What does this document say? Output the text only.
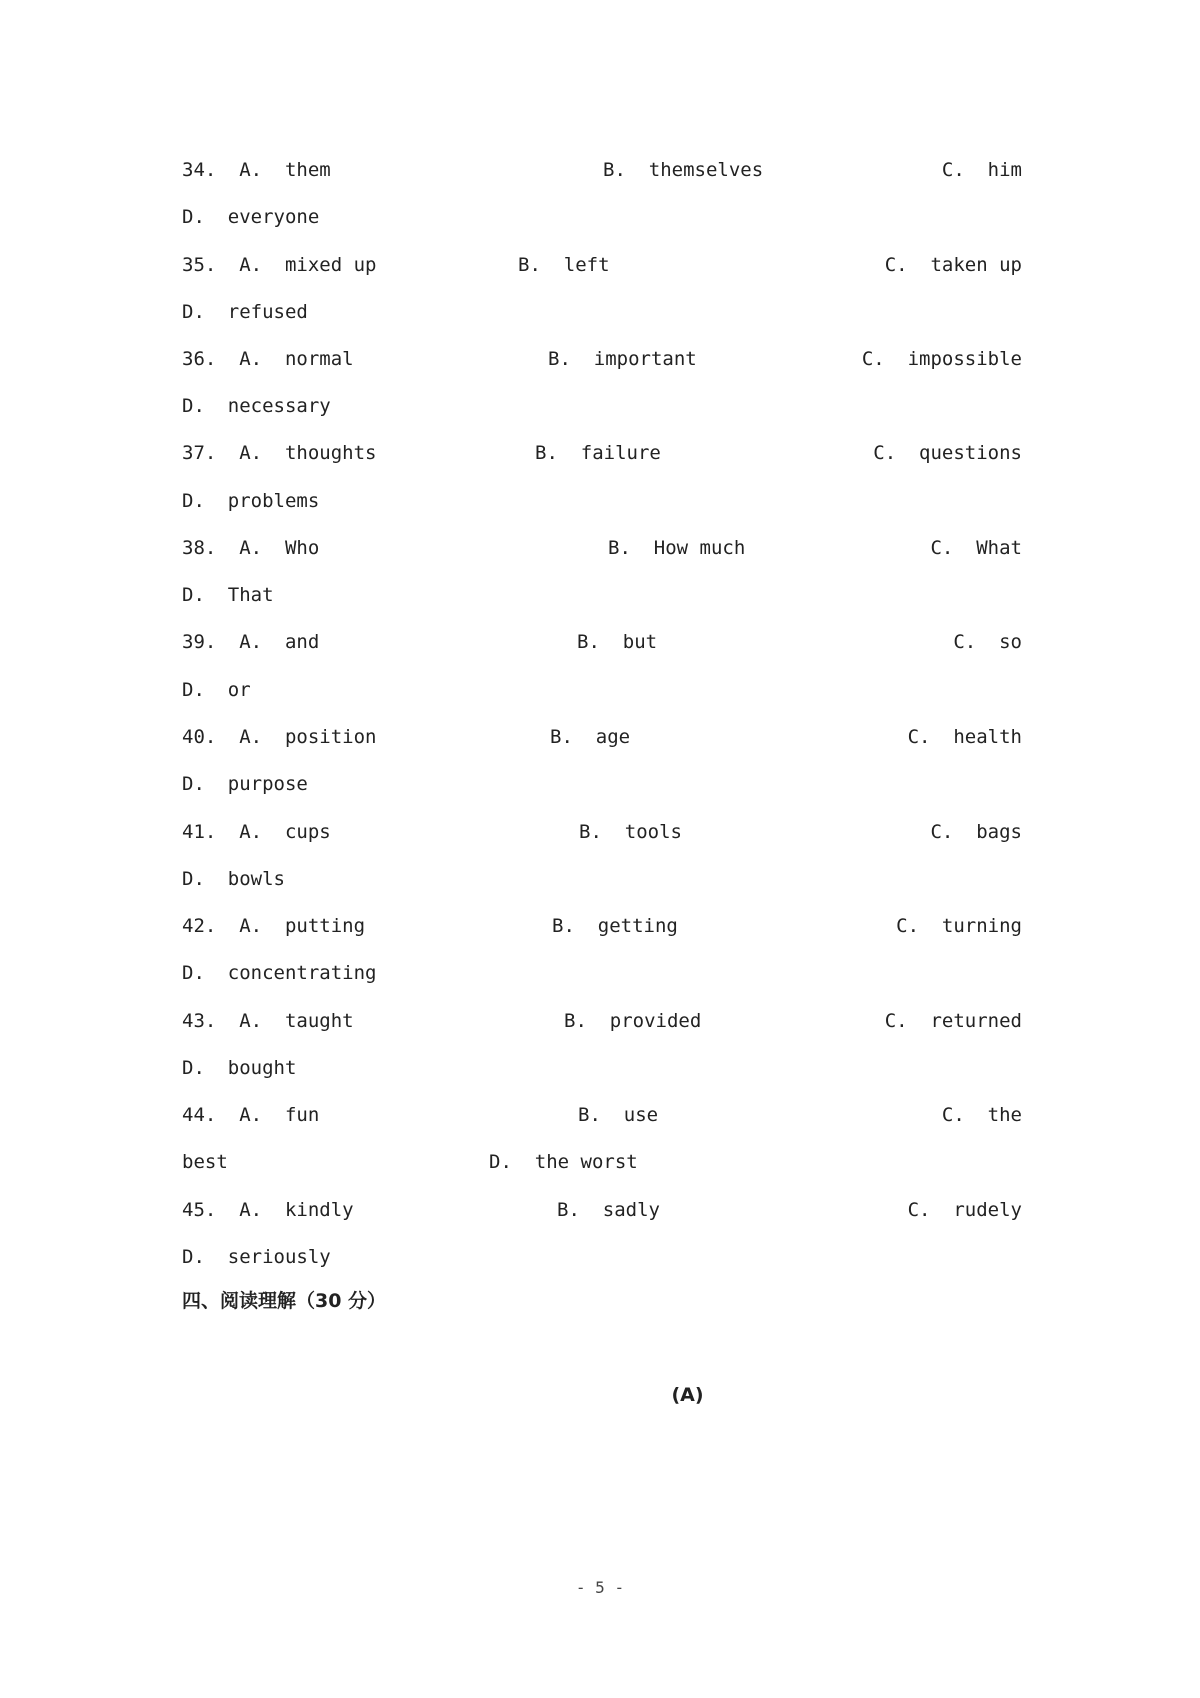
34.  A.  them

	B.  themselves

	C.  him

D.  everyone

35.  A.  mixed up

	B.  left

	C.  taken up

D.  refused

36.  A.  normal

	B.  important

	C.  impossible

D.  necessary

37.  A.  thoughts

	B.  failure

	C.  questions

D.  problems

38.  A.  Who

	B.  How much

	C.  What

D.  That

39.  A.  and

	B.  but

	C.  so

D.  or

40.  A.  position

	B.  age

	C.  health

D.  purpose

41.  A.  cups

	B.  tools

	C.  bags

D.  bowls

42.  A.  putting

	B.  getting

	C.  turning

D.  concentrating

43.  A.  taught

	B.  provided

	C.  returned

D.  bought

44.  A.  fun

	B.  use

	C.  the

best

	D.  the worst

45.  A.  kindly

	B.  sadly

	C.  rudely

D.  seriously

四、阅读理解（30 分）
(A)
- 5 -
